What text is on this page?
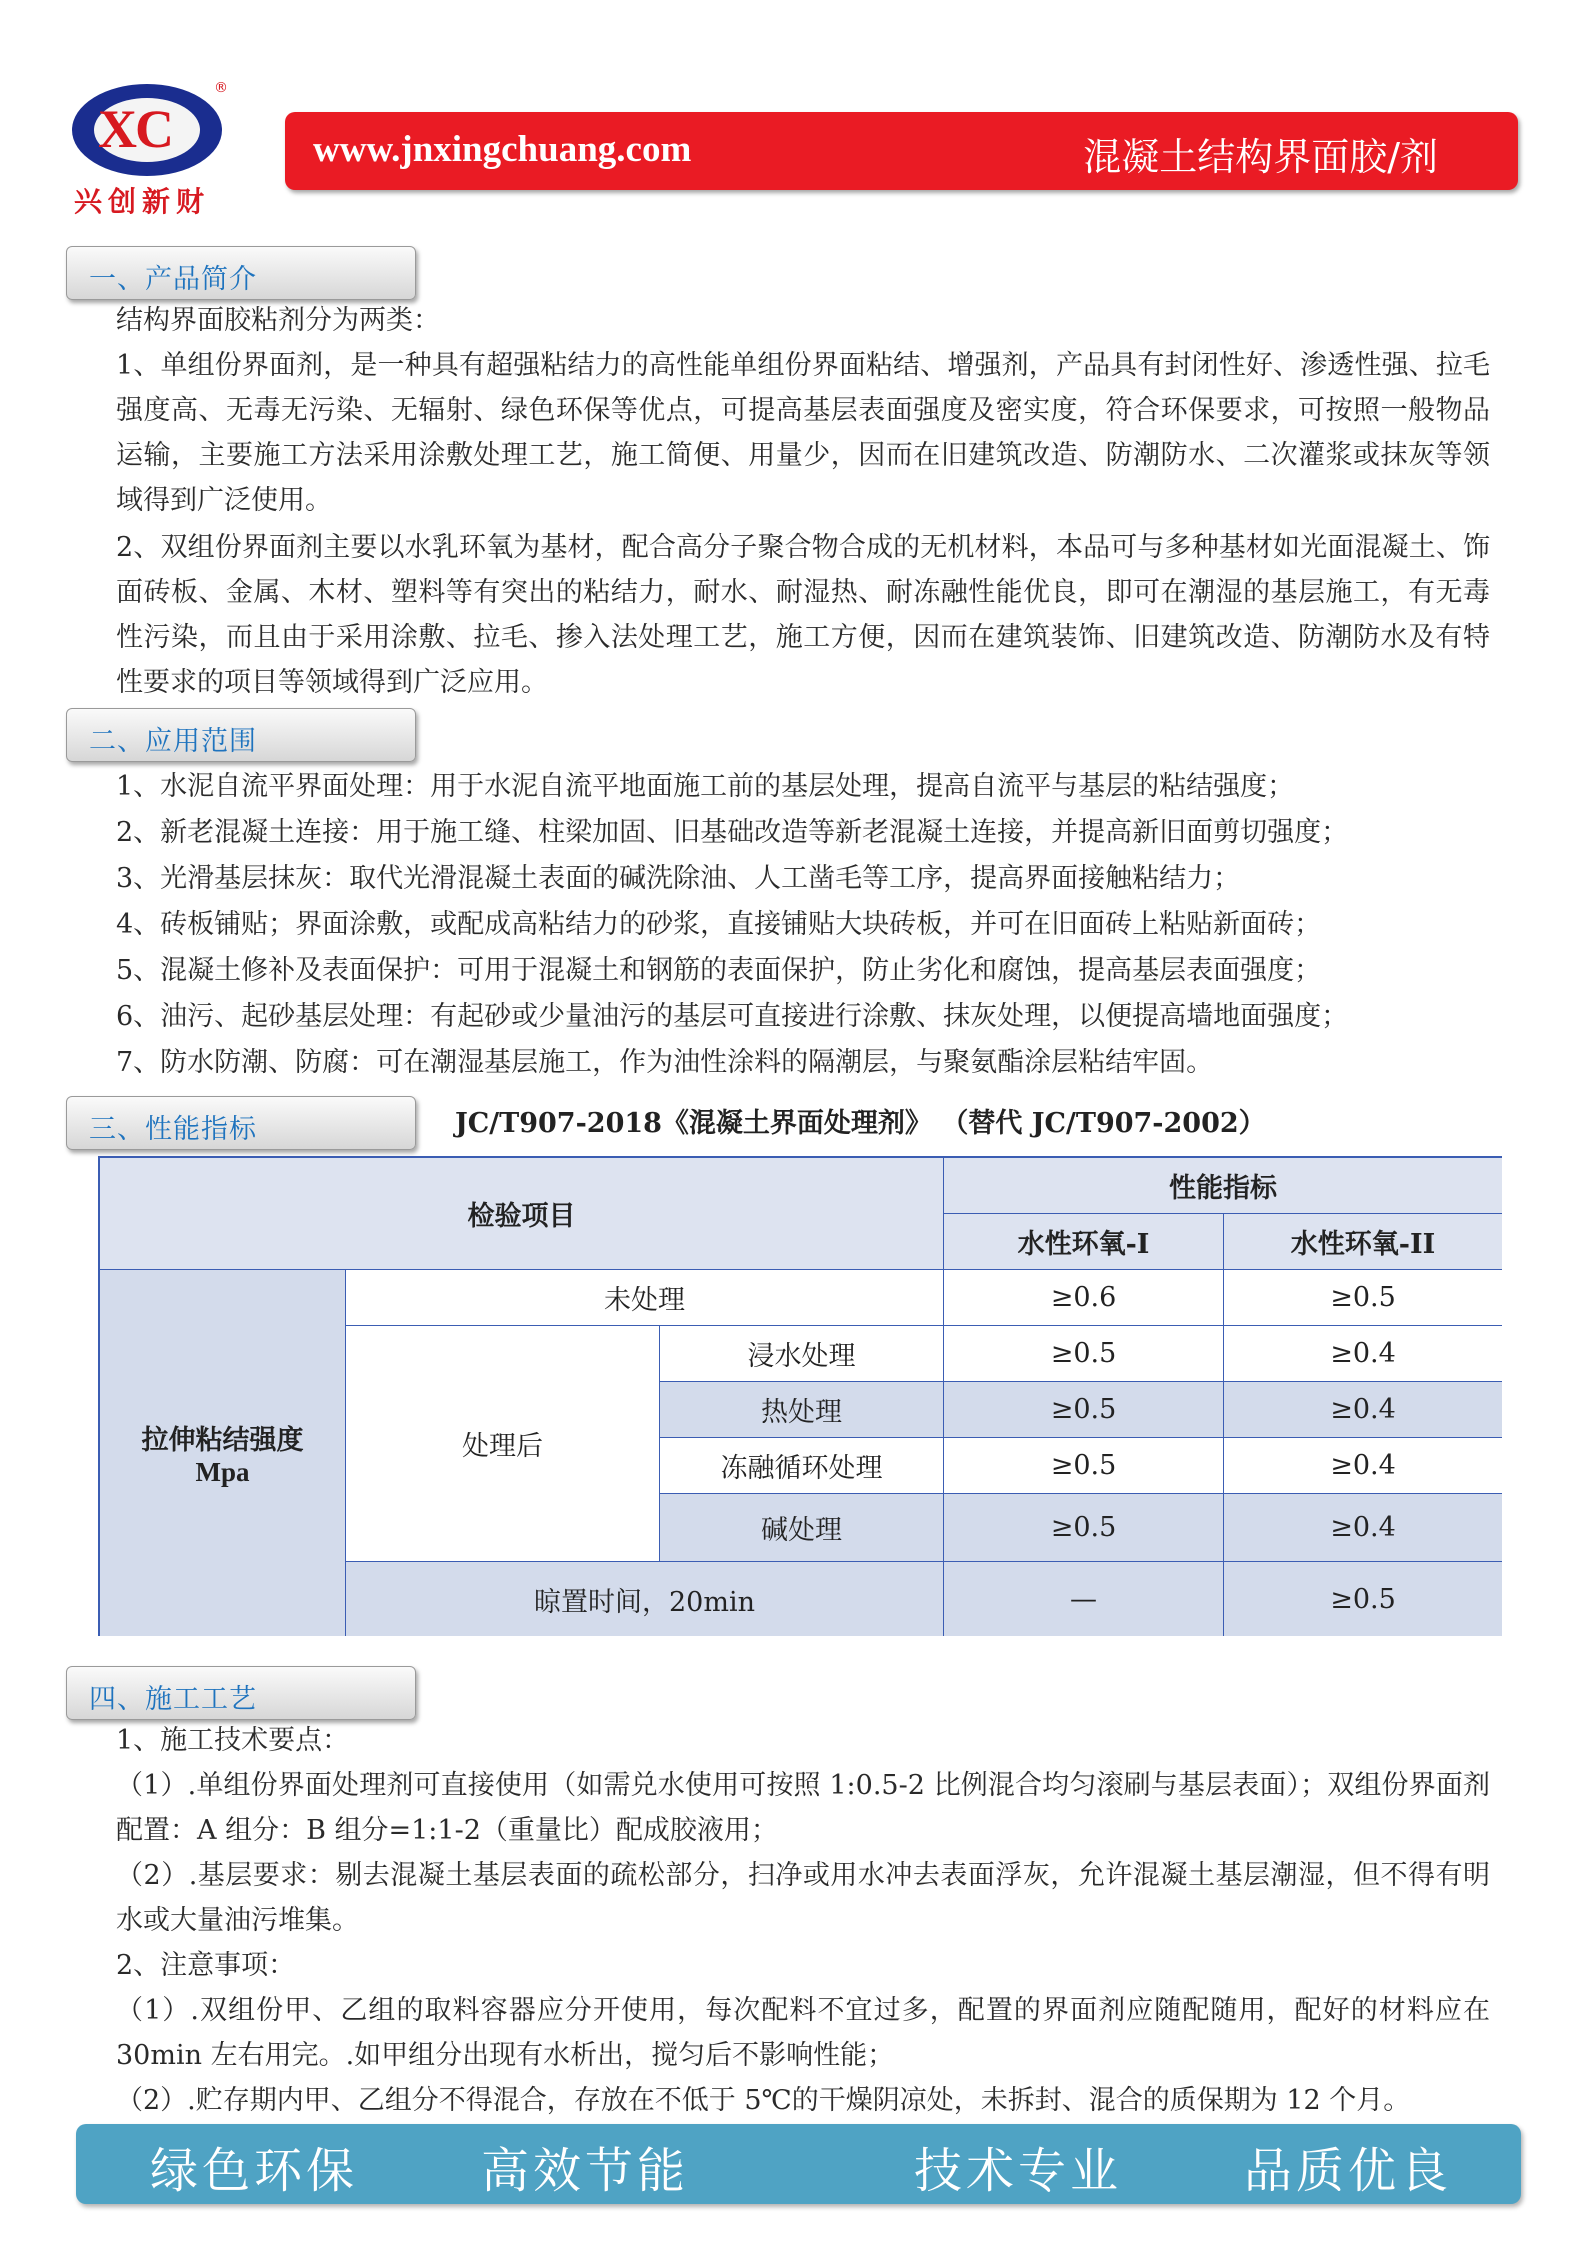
XC
®
兴创新财
www.jnxingchuang.com	混凝土结构界面胶/剂
一、产品简介
结构界面胶粘剂分为两类：
1、单组份界面剂，是一种具有超强粘结力的高性能单组份界面粘结、增强剂，产品具有封闭性好、渗透性强、拉毛强度高、无毒无污染、无辐射、绿色环保等优点，可提高基层表面强度及密实度，符合环保要求，可按照一般物品运输，主要施工方法采用涂敷处理工艺，施工简便、用量少，因而在旧建筑改造、防潮防水、二次灌浆或抹灰等领域得到广泛使用。
2、双组份界面剂主要以水乳环氧为基材，配合高分子聚合物合成的无机材料，本品可与多种基材如光面混凝土、饰面砖板、金属、木材、塑料等有突出的粘结力，耐水、耐湿热、耐冻融性能优良，即可在潮湿的基层施工，有无毒性污染，而且由于采用涂敷、拉毛、掺入法处理工艺，施工方便，因而在建筑装饰、旧建筑改造、防潮防水及有特性要求的项目等领域得到广泛应用。
二、应用范围
1、水泥自流平界面处理：用于水泥自流平地面施工前的基层处理，提高自流平与基层的粘结强度；
2、新老混凝土连接：用于施工缝、柱梁加固、旧基础改造等新老混凝土连接，并提高新旧面剪切强度；
3、光滑基层抹灰：取代光滑混凝土表面的碱洗除油、人工凿毛等工序，提高界面接触粘结力；
4、砖板铺贴；界面涂敷，或配成高粘结力的砂浆，直接铺贴大块砖板，并可在旧面砖上粘贴新面砖；
5、混凝土修补及表面保护：可用于混凝土和钢筋的表面保护，防止劣化和腐蚀，提高基层表面强度；
6、油污、起砂基层处理：有起砂或少量油污的基层可直接进行涂敷、抹灰处理，以便提高墙地面强度；
7、防水防潮、防腐：可在潮湿基层施工，作为油性涂料的隔潮层，与聚氨酯涂层粘结牢固。
三、性能指标	JC/T907-2018《混凝土界面处理剂》 （替代 JC/T907-2002）
检验项目
性能指标
水性环氧-I	水性环氧-II
拉伸粘结强度
Mpa
未处理	≥0.6	≥0.5
处理后
浸水处理	≥0.5	≥0.4
热处理	≥0.5	≥0.4
冻融循环处理	≥0.5	≥0.4
碱处理	≥0.5	≥0.4
晾置时间，20min	—	≥0.5
四、施工工艺
1、施工技术要点：
（1）.单组份界面处理剂可直接使用（如需兑水使用可按照 1:0.5-2 比例混合均匀滚刷与基层表面）；双组份界面剂配置：A 组分：B 组分=1:1-2（重量比）配成胶液用；
（2）.基层要求：剔去混凝土基层表面的疏松部分，扫净或用水冲去表面浮灰，允许混凝土基层潮湿，但不得有明水或大量油污堆集。
2、注意事项：
（1）.双组份甲、乙组的取料容器应分开使用，每次配料不宜过多，配置的界面剂应随配随用，配好的材料应在 30min 左右用完。.如甲组分出现有水析出，搅匀后不影响性能；
（2）.贮存期内甲、乙组分不得混合，存放在不低于 5℃的干燥阴凉处，未拆封、混合的质保期为 12 个月。
绿色环保	高效节能	技术专业	品质优良
